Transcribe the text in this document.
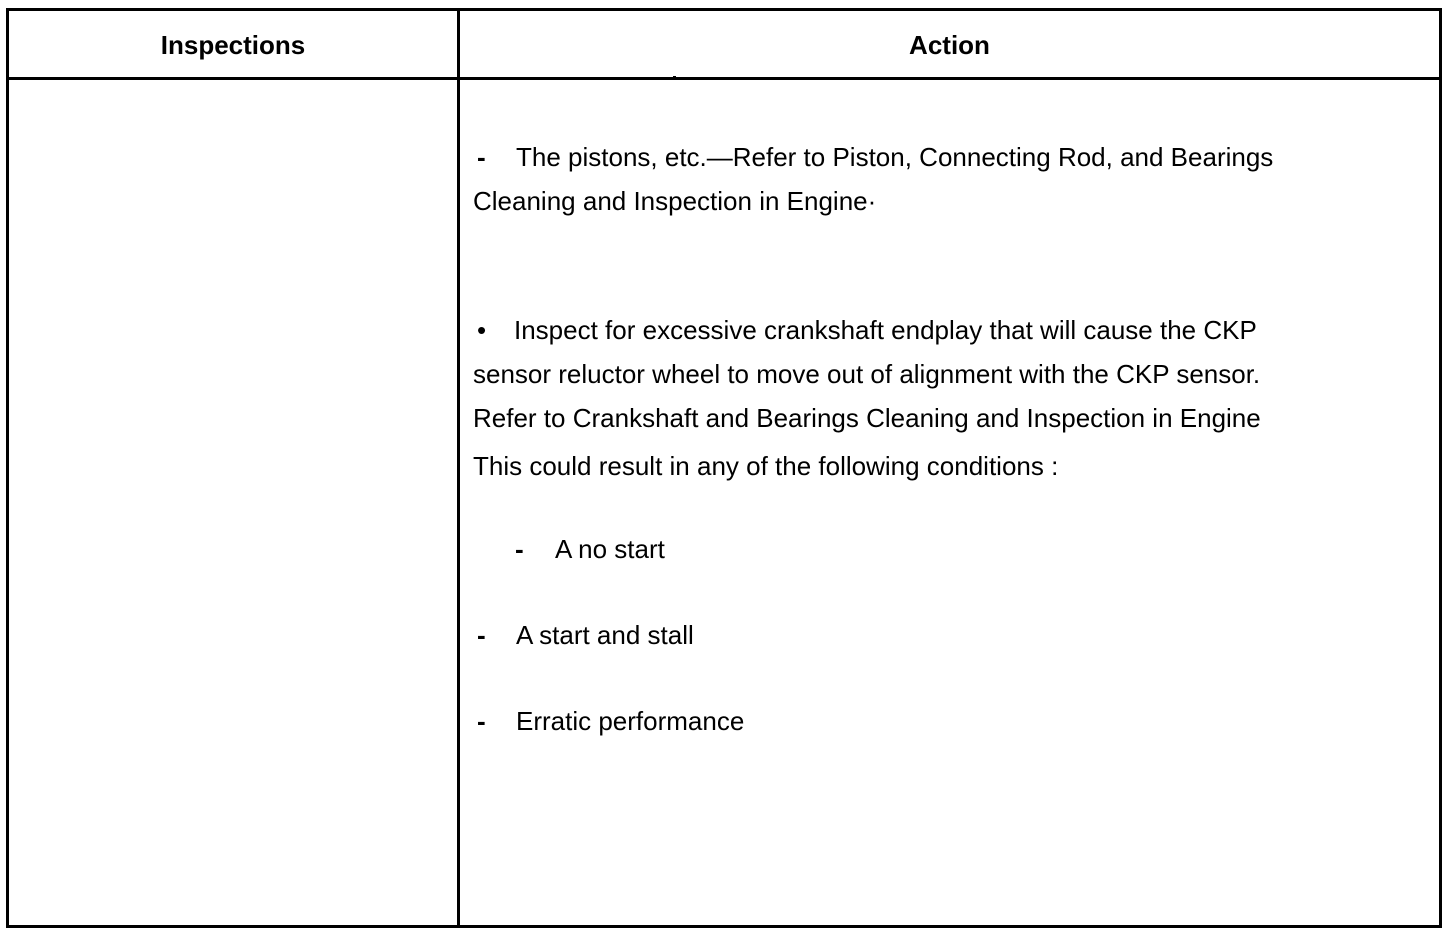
Inspections	Action
- The pistons, etc.—Refer to Piston, Connecting Rod, and Bearings
Cleaning and Inspection in Engine·
• Inspect for excessive crankshaft endplay that will cause the CKP
sensor reluctor wheel to move out of alignment with the CKP sensor.
Refer to Crankshaft and Bearings Cleaning and Inspection in Engine
This could result in any of the following conditions :
- A no start
- A start and stall
- Erratic performance
